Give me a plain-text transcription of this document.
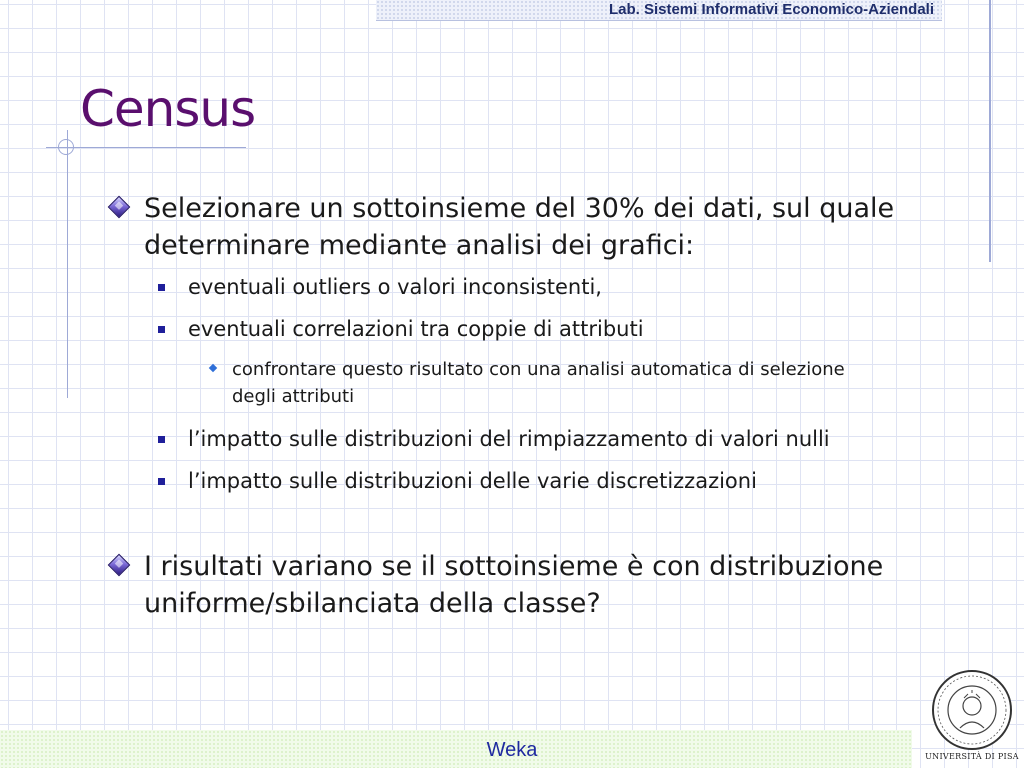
Lab. Sistemi Informativi Economico-Aziendali
Census
Selezionare un sottoinsieme del 30% dei dati, sul quale determinare mediante analisi dei grafici:
eventuali outliers o valori inconsistenti,
eventuali correlazioni tra coppie di attributi
confrontare questo risultato con una analisi automatica di selezione degli attributi
l’impatto sulle distribuzioni del rimpiazzamento di valori nulli
l’impatto sulle distribuzioni delle varie discretizzazioni
I risultati variano se il sottoinsieme è con distribuzione uniforme/sbilanciata della classe?
Weka	UNIVERSITÀ DI PISA
